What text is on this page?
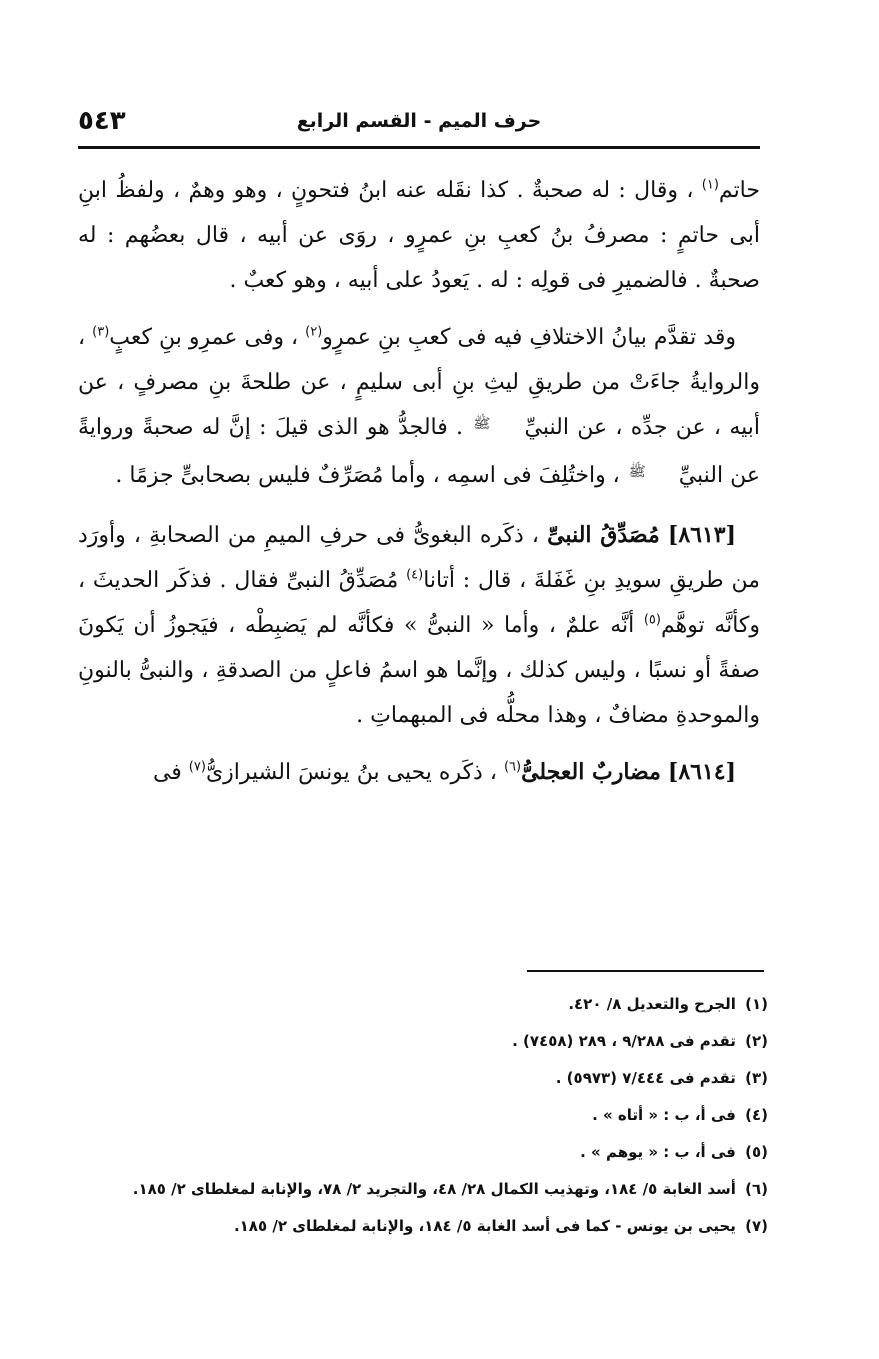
٥٤٣	حرف الميم - القسم الرابع

حاتم$^{(١)}$ ، وقال : له صحبةٌ . كذا نقَله عنه ابنُ فتحونٍ ، وهو وهمٌ ، ولفظُ ابنِ أبى حاتمٍ : مصرفُ بنُ كعبِ بنِ عمرٍو ، روَى عن أبيه ، قال بعضُهم : له صحبةٌ . فالضميرِ فى قولِه : له . يَعودُ على أبيه ، وهو كعبٌ .

وقد تقدَّم بيانُ الاختلافِ فيه فى كعبِ بنِ عمرٍو$^{(٢)}$ ، وفى عمرِو بنِ كعبٍ$^{(٣)}$ ، والروايةُ جاءَتْ من طريقِ ليثِ بنِ أبى سليمٍ ، عن طلحةَ بنِ مصرفٍ ، عن أبيه ، عن جدِّه ، عن النبيِّ ﷺ . فالجدُّ هو الذى قيلَ : إنَّ له صحبةً وروايةً عن النبيِّ ﷺ ، واختُلِفَ فى اسمِه ، وأما مُصَرِّفٌ فليس بصحابىٍّ جزمًا .

[٨٦١٣] مُصَدِّقُ النبىِّ ، ذكَره البغوىُّ فى حرفِ الميمِ من الصحابةِ ، وأورَد من طريقِ سويدِ بنِ غَفَلةَ ، قال : أتانا$^{(٤)}$ مُصَدِّقُ النبىِّ فقال . فذكَر الحديثَ ، وكأنَّه توهَّم$^{(٥)}$ أنَّه علمٌ ، وأما « النبىُّ » فكأنَّه لم يَضبِطْه ، فيَجوزُ أن يَكونَ صفةً أو نسبًا ، وليس كذلك ، وإنَّما هو اسمُ فاعلٍ من الصدقةِ ، والنبىُّ بالنونِ والموحدةِ مضافٌ ، وهذا محلُّه فى المبهماتِ .

[٨٦١٤] مضاربٌ العجلىُّ$^{(٦)}$ ، ذكَره يحيى بنُ يونسَ الشيرازىُّ$^{(٧)}$ فى

(١) الجرح والتعديل ٨/ ٤٢٠.

(٢) تقدم فى ٩/٢٨٨ ، ٢٨٩ (٧٤٥٨) .

(٣) تقدم فى ٧/٤٤٤ (٥٩٧٣) .

(٤) فى أ، ب : « أتاه » .

(٥) فى أ، ب : « يوهم » .

(٦) أسد الغابة ٥/ ١٨٤، وتهذيب الكمال ٢٨/ ٤٨، والتجريد ٢/ ٧٨، والإنابة لمغلطاى ٢/ ١٨٥.

(٧) يحيى بن يونس - كما فى أسد الغابة ٥/ ١٨٤، والإنابة لمغلطاى ٢/ ١٨٥.
